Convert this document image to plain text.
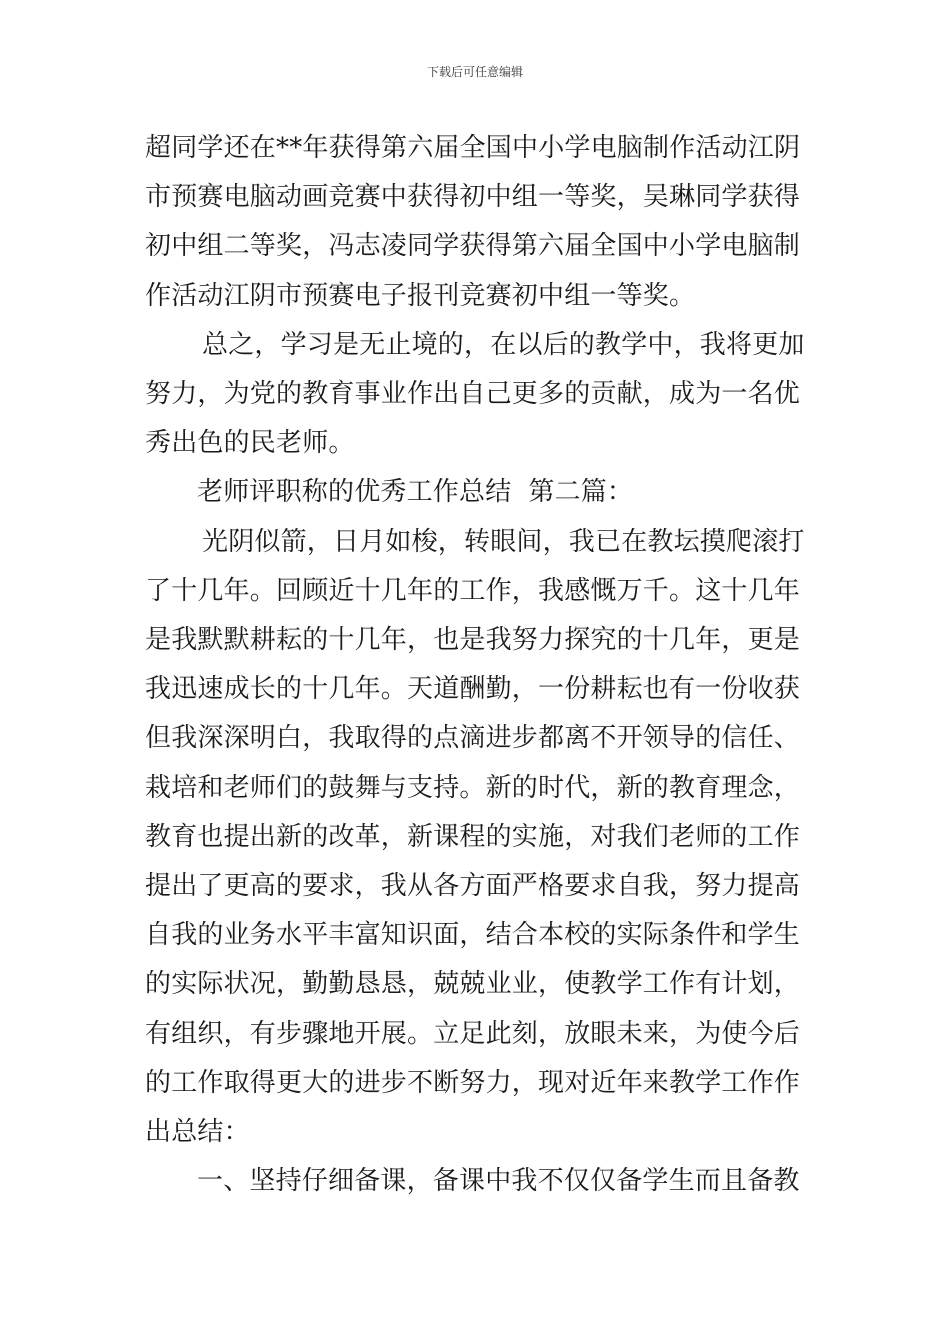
下载后可任意编辑

超同学还在**年获得第六届全国中小学电脑制作活动江阴
市预赛电脑动画竞赛中获得初中组一等奖，吴琳同学获得
初中组二等奖，冯志凌同学获得第六届全国中小学电脑制
作活动江阴市预赛电子报刊竞赛初中组一等奖。

总之，学习是无止境的，在以后的教学中，我将更加
努力，为党的教育事业作出自己更多的贡献，成为一名优
秀出色的民老师。

老师评职称的优秀工作总结  第二篇：

光阴似箭，日月如梭，转眼间，我已在教坛摸爬滚打
了十几年。回顾近十几年的工作，我感慨万千。这十几年
是我默默耕耘的十几年，也是我努力探究的十几年，更是
我迅速成长的十几年。天道酬勤，一份耕耘也有一份收获
但我深深明白，我取得的点滴进步都离不开领导的信任、
栽培和老师们的鼓舞与支持。新的时代，新的教育理念，
教育也提出新的改革，新课程的实施，对我们老师的工作
提出了更高的要求，我从各方面严格要求自我，努力提高
自我的业务水平丰富知识面，结合本校的实际条件和学生
的实际状况，勤勤恳恳，兢兢业业，使教学工作有计划，
有组织，有步骤地开展。立足此刻，放眼未来，为使今后
的工作取得更大的进步不断努力，现对近年来教学工作作
出总结：

一、坚持仔细备课，备课中我不仅仅备学生而且备教
